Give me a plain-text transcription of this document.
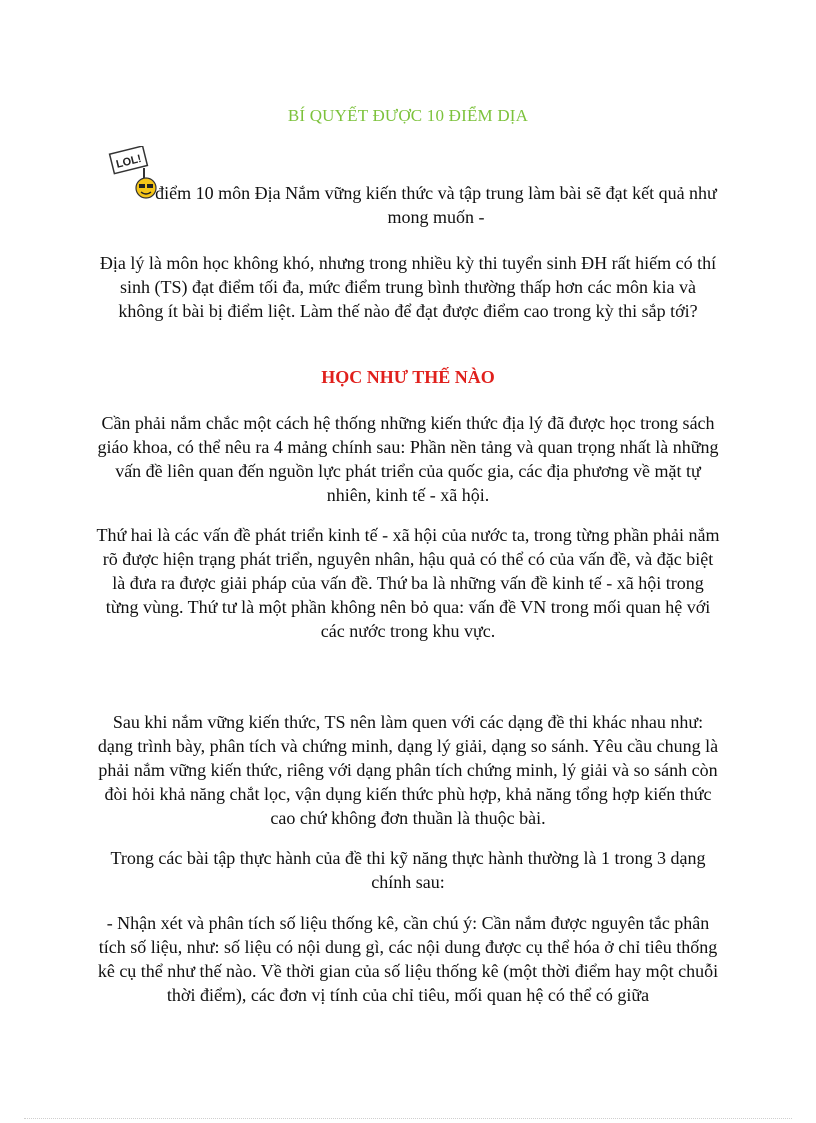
BÍ QUYẾT ĐƯỢC 10 ĐIỂM DỊA
LOL!

điểm 10 môn Địa Nắm vững kiến thức và tập trung làm bài sẽ đạt kết quả như mong muốn -

Địa lý là môn học không khó, nhưng trong nhiều kỳ thi tuyển sinh ĐH rất hiếm có thí sinh (TS) đạt điểm tối đa, mức điểm trung bình thường thấp hơn các môn kia và không ít bài bị điểm liệt. Làm thế nào để đạt được điểm cao trong kỳ thi sắp tới?

HỌC NHƯ THẾ NÀO

Cần phải nắm chắc một cách hệ thống những kiến thức địa lý đã được học trong sách giáo khoa, có thể nêu ra 4 mảng chính sau: Phần nền tảng và quan trọng nhất là những vấn đề liên quan đến nguồn lực phát triển của quốc gia, các địa phương về mặt tự nhiên, kinh tế - xã hội.

Thứ hai là các vấn đề phát triển kinh tế - xã hội của nước ta, trong từng phần phải nắm rõ được hiện trạng phát triển, nguyên nhân, hậu quả có thể có của vấn đề, và đặc biệt là đưa ra được giải pháp của vấn đề. Thứ ba là những vấn đề kinh tế - xã hội trong từng vùng. Thứ tư là một phần không nên bỏ qua: vấn đề VN trong mối quan hệ với các nước trong khu vực.

Sau khi nắm vững kiến thức, TS nên làm quen với các dạng đề thi khác nhau như: dạng trình bày, phân tích và chứng minh, dạng lý giải, dạng so sánh. Yêu cầu chung là phải nắm vững kiến thức, riêng với dạng phân tích chứng minh, lý giải và so sánh còn đòi hỏi khả năng chắt lọc, vận dụng kiến thức phù hợp, khả năng tổng hợp kiến thức cao chứ không đơn thuần là thuộc bài.

Trong các bài tập thực hành của đề thi kỹ năng thực hành thường là 1 trong 3 dạng chính sau:

- Nhận xét và phân tích số liệu thống kê, cần chú ý: Cần nắm được nguyên tắc phân tích số liệu, như: số liệu có nội dung gì, các nội dung được cụ thể hóa ở chỉ tiêu thống kê cụ thể như thế nào. Về thời gian của số liệu thống kê (một thời điểm hay một chuỗi thời điểm), các đơn vị tính của chỉ tiêu, mối quan hệ có thể có giữa
